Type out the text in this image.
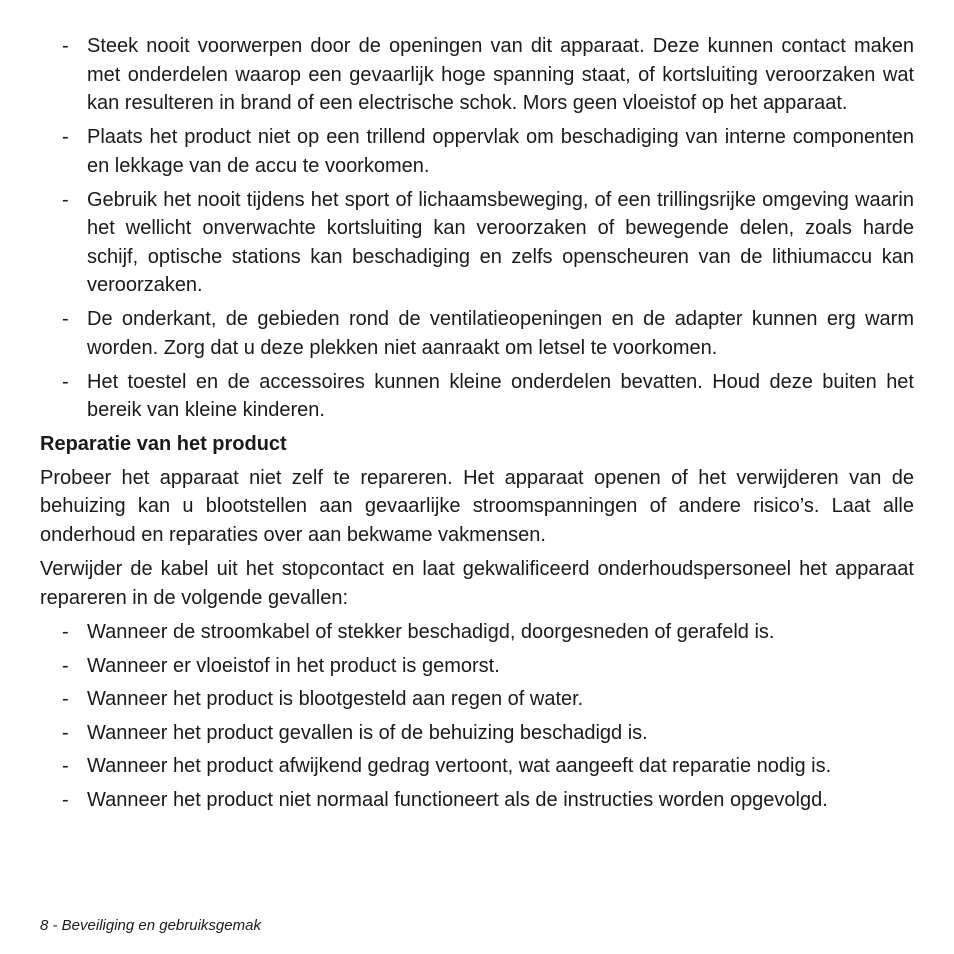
- Steek nooit voorwerpen door de openingen van dit apparaat. Deze kunnen contact maken met onderdelen waarop een gevaarlijk hoge spanning staat, of kortsluiting veroorzaken wat kan resulteren in brand of een electrische schok. Mors geen vloeistof op het apparaat.
- Plaats het product niet op een trillend oppervlak om beschadiging van interne componenten en lekkage van de accu te voorkomen.
- Gebruik het nooit tijdens het sport of lichaamsbeweging, of een trillingsrijke omgeving waarin het wellicht onverwachte kortsluiting kan veroorzaken of bewegende delen, zoals harde schijf, optische stations kan beschadiging en zelfs openscheuren van de lithiumaccu kan veroorzaken.
- De onderkant, de gebieden rond de ventilatieopeningen en de adapter kunnen erg warm worden. Zorg dat u deze plekken niet aanraakt om letsel te voorkomen.
- Het toestel en de accessoires kunnen kleine onderdelen bevatten. Houd deze buiten het bereik van kleine kinderen.
Reparatie van het product

Probeer het apparaat niet zelf te repareren. Het apparaat openen of het verwijderen van de behuizing kan u blootstellen aan gevaarlijke stroomspanningen of andere risico’s. Laat alle onderhoud en reparaties over aan bekwame vakmensen.

Verwijder de kabel uit het stopcontact en laat gekwalificeerd onderhoudspersoneel het apparaat repareren in de volgende gevallen:

- Wanneer de stroomkabel of stekker beschadigd, doorgesneden of gerafeld is.
- Wanneer er vloeistof in het product is gemorst.
- Wanneer het product is blootgesteld aan regen of water.
- Wanneer het product gevallen is of de behuizing beschadigd is.
- Wanneer het product afwijkend gedrag vertoont, wat aangeeft dat reparatie nodig is.
- Wanneer het product niet normaal functioneert als de instructies worden opgevolgd.
8 - Beveiliging en gebruiksgemak
